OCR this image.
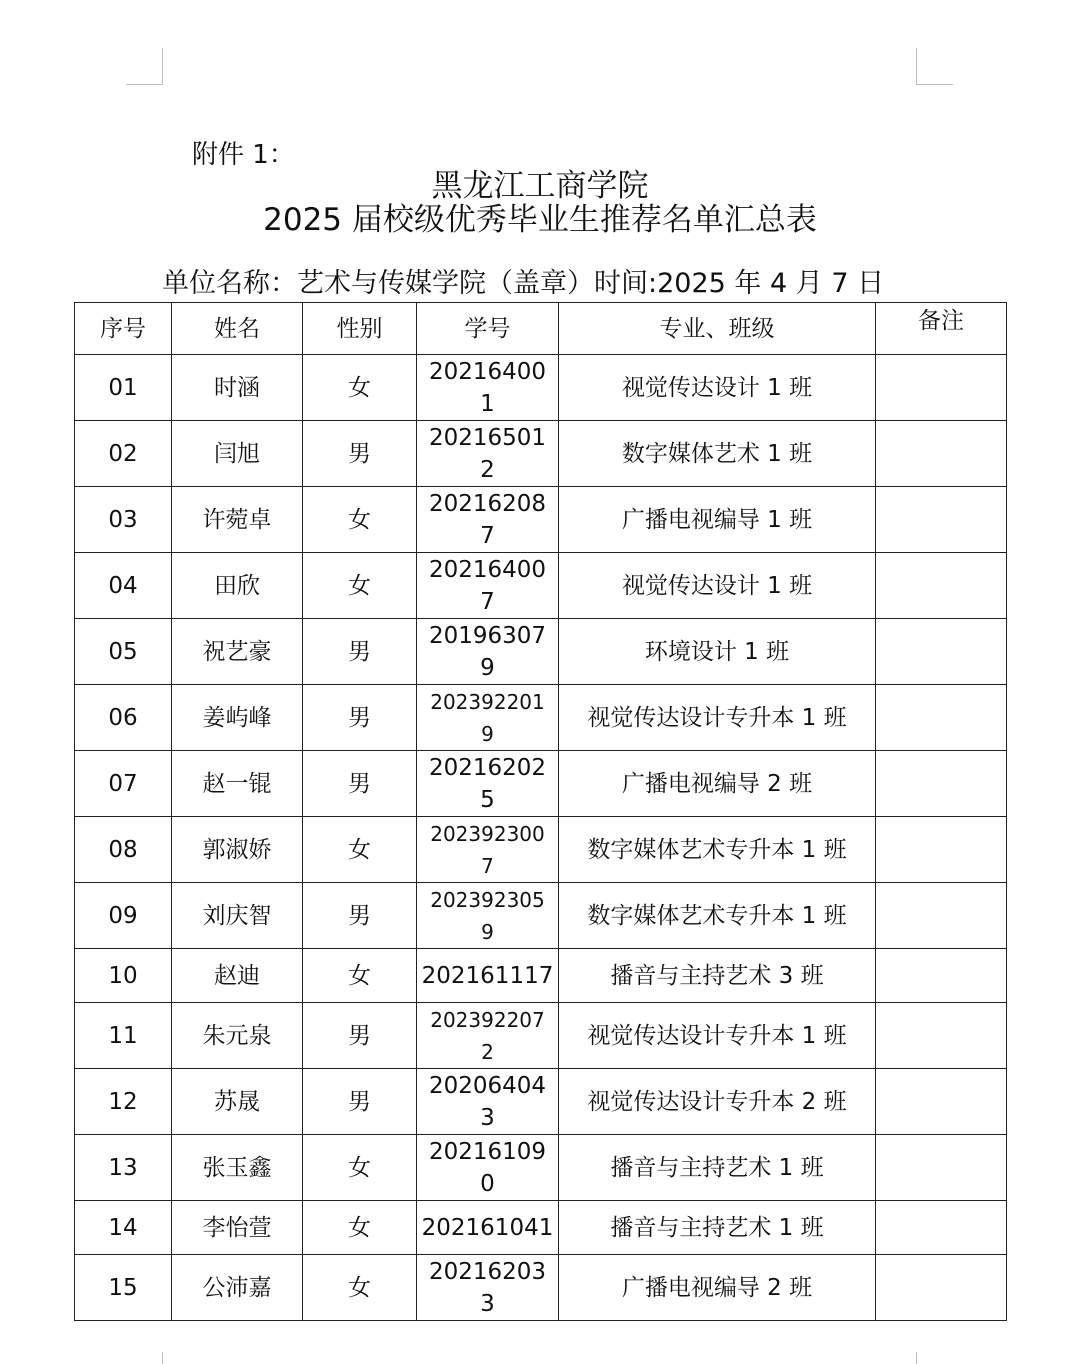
附件 1：
黑龙江工商学院
2025 届校级优秀毕业生推荐名单汇总表
单位名称：艺术与传媒学院（盖章）时间:2025 年 4 月 7 日
序号	姓名	性别	学号	专业、班级	备注
01	时涵	女	202164001	视觉传达设计 1 班	
02	闫旭	男	202165012	数字媒体艺术 1 班	
03	许菀卓	女	202162087	广播电视编导 1 班	
04	田欣	女	202164007	视觉传达设计 1 班	
05	祝艺豪	男	201963079	环境设计 1 班	
06	姜屿峰	男	2023922019	视觉传达设计专升本 1 班	
07	赵一锟	男	202162025	广播电视编导 2 班	
08	郭淑娇	女	2023923007	数字媒体艺术专升本 1 班	
09	刘庆智	男	2023923059	数字媒体艺术专升本 1 班	
10	赵迪	女	202161117	播音与主持艺术 3 班	
11	朱元泉	男	2023922072	视觉传达设计专升本 1 班	
12	苏晟	男	202064043	视觉传达设计专升本 2 班	
13	张玉鑫	女	202161090	播音与主持艺术 1 班	
14	李怡萱	女	202161041	播音与主持艺术 1 班	
15	公沛嘉	女	202162033	广播电视编导 2 班	
